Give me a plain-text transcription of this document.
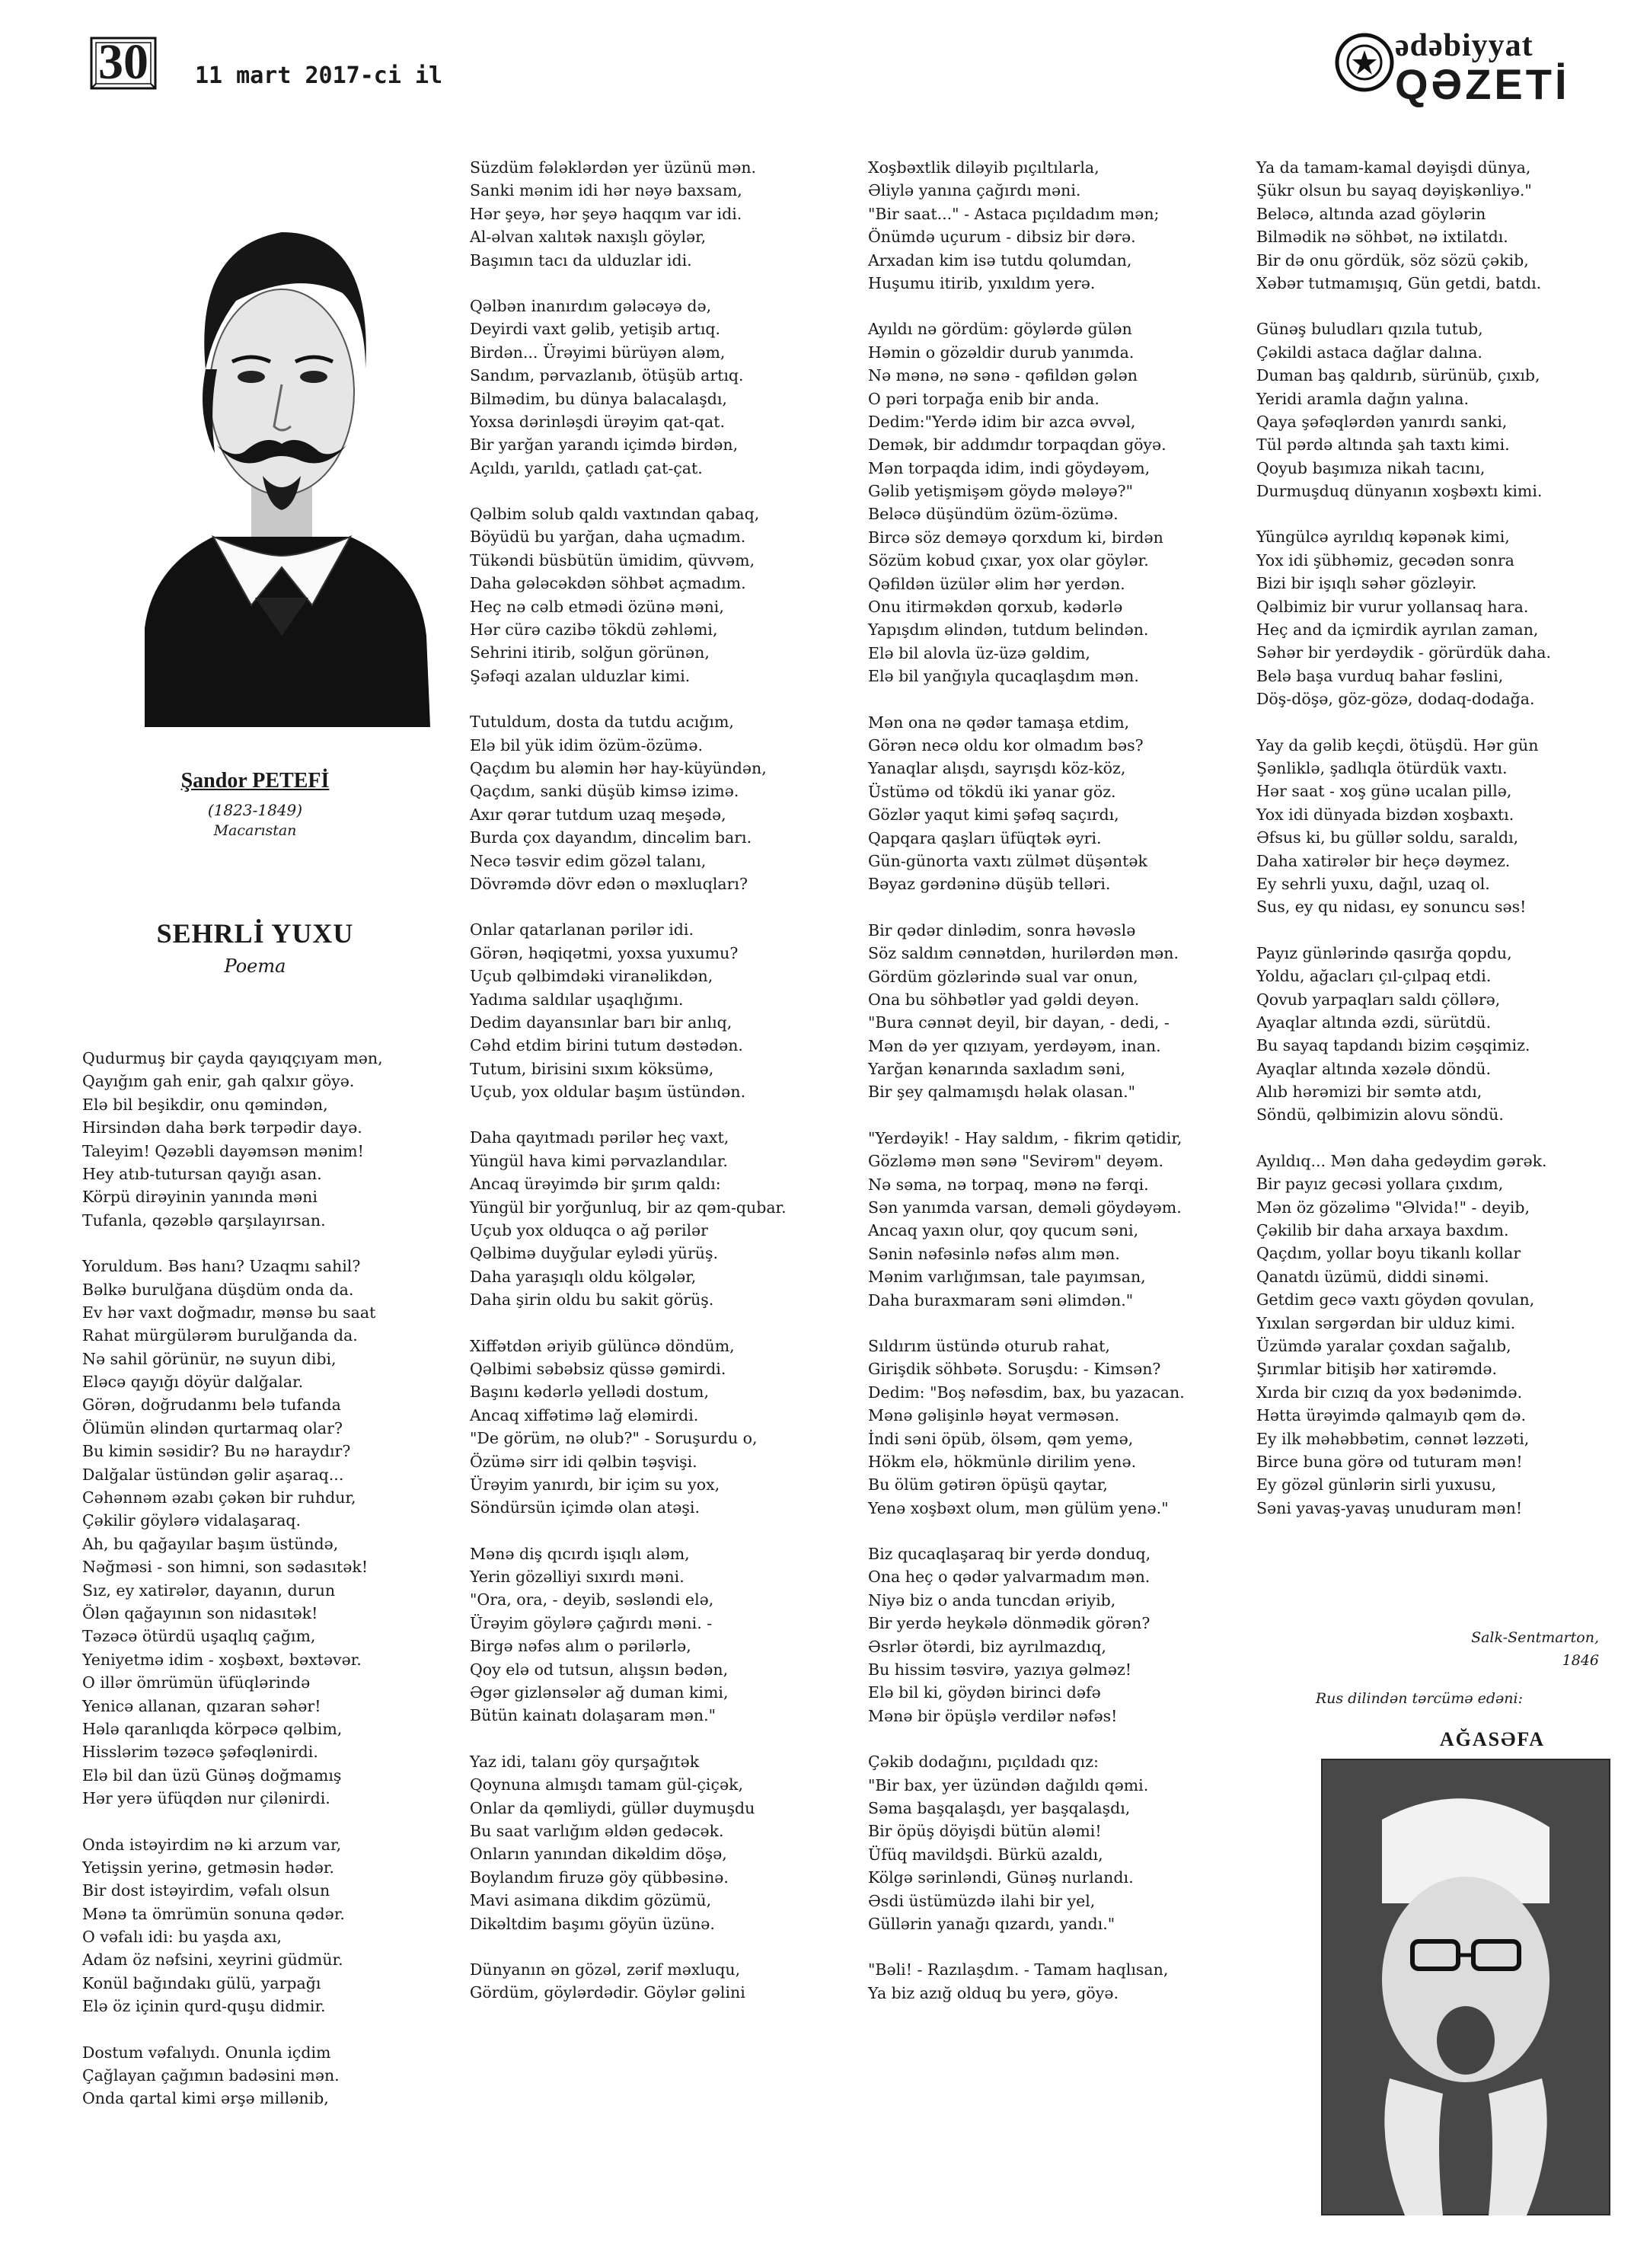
30 11 mart 2017-ci il
ədəbiyyat
QƏZETİ
Şandor PETEFİ
(1823-1849)
Macarıstan
SEHRLİ YUXU
Poema
Qudurmuş bir çayda qayıqçıyam mən,
Qayığım gah enir, gah qalxır göyə.
Elə bil beşikdir, onu qəmindən,
Hirsindən daha bərk tərpədir dayə.
Taleyim! Qəzəbli dayəmsən mənim!
Hey atıb-tutursan qayığı asan.
Körpü dirəyinin yanında məni
Tufanla, qəzəblə qarşılayırsan.
Yoruldum. Bəs hanı? Uzaqmı sahil?
Bəlkə burulğana düşdüm onda da.
Ev hər vaxt doğmadır, mənsə bu saat
Rahat mürgülərəm burulğanda da.
Nə sahil görünür, nə suyun dibi,
Eləcə qayığı döyür dalğalar.
Görən, doğrudanmı belə tufanda
Ölümün əlindən qurtarmaq olar?
Bu kimin səsidir? Bu nə haraydır?
Dalğalar üstündən gəlir aşaraq...
Cəhənnəm əzabı çəkən bir ruhdur,
Çəkilir göylərə vidalaşaraq.
Ah, bu qağayılar başım üstündə,
Nəğməsi - son himni, son sədasıtək!
Sız, ey xatirələr, dayanın, durun
Ölən qağayının son nidasıtək!
Təzəcə ötürdü uşaqlıq çağım,
Yeniyetmə idim - xoşbəxt, bəxtəvər.
O illər ömrümün üfüqlərində
Yenicə allanan, qızaran səhər!
Hələ qaranlıqda körpəcə qəlbim,
Hisslərim təzəcə şəfəqlənirdi.
Elə bil dan üzü Günəş doğmamış
Hər yerə üfüqdən nur çilənirdi.
Onda istəyirdim nə ki arzum var,
Yetişsin yerinə, getməsin hədər.
Bir dost istəyirdim, vəfalı olsun
Mənə ta ömrümün sonuna qədər.
O vəfalı idi: bu yaşda axı,
Adam öz nəfsini, xeyrini güdmür.
Konül bağındakı gülü, yarpağı
Elə öz içinin qurd-quşu didmir.
Dostum vəfalıydı. Onunla içdim
Çağlayan çağımın badəsini mən.
Onda qartal kimi ərşə millənib,
Süzdüm fələklərdən yer üzünü mən.
Sanki mənim idi hər nəyə baxsam,
Hər şeyə, hər şeyə haqqım var idi.
Al-əlvan xalıtək naxışlı göylər,
Başımın tacı da ulduzlar idi.
Qəlbən inanırdım gələcəyə də,
Deyirdi vaxt gəlib, yetişib artıq.
Birdən... Ürəyimi bürüyən aləm,
Sandım, pərvazlanıb, ötüşüb artıq.
Bilmədim, bu dünya balacalaşdı,
Yoxsa dərinləşdi ürəyim qat-qat.
Bir yarğan yarandı içimdə birdən,
Açıldı, yarıldı, çatladı çat-çat.
Qəlbim solub qaldı vaxtından qabaq,
Böyüdü bu yarğan, daha uçmadım.
Tükəndi büsbütün ümidim, qüvvəm,
Daha gələcəkdən söhbət açmadım.
Heç nə cəlb etmədi özünə məni,
Hər cürə cazibə tökdü zəhləmi,
Sehrini itirib, solğun görünən,
Şəfəqi azalan ulduzlar kimi.
Tutuldum, dosta da tutdu acığım,
Elə bil yük idim özüm-özümə.
Qaçdım bu aləmin hər hay-küyündən,
Qaçdım, sanki düşüb kimsə izimə.
Axır qərar tutdum uzaq meşədə,
Burda çox dayandım, dincəlim barı.
Necə təsvir edim gözəl talanı,
Dövrəmdə dövr edən o məxluqları?
Onlar qatarlanan pərilər idi.
Görən, həqiqətmi, yoxsa yuxumu?
Uçub qəlbimdəki viranəlikdən,
Yadıma saldılar uşaqlığımı.
Dedim dayansınlar barı bir anlıq,
Cəhd etdim birini tutum dəstədən.
Tutum, birisini sıxım köksümə,
Uçub, yox oldular başım üstündən.
Daha qayıtmadı pərilər heç vaxt,
Yüngül hava kimi pərvazlandılar.
Ancaq ürəyimdə bir şırım qaldı:
Yüngül bir yorğunluq, bir az qəm-qubar.
Uçub yox olduqca o ağ pərilər
Qəlbimə duyğular eylədi yürüş.
Daha yaraşıqlı oldu kölgələr,
Daha şirin oldu bu sakit görüş.
Xiffətdən əriyib gülüncə döndüm,
Qəlbimi səbəbsiz qüssə gəmirdi.
Başını kədərlə yellədi dostum,
Ancaq xiffətimə lağ eləmirdi.
"De görüm, nə olub?" - Soruşurdu o,
Özümə sirr idi qəlbin təşvişi.
Ürəyim yanırdı, bir içim su yox,
Söndürsün içimdə olan atəşi.
Mənə diş qıcırdı işıqlı aləm,
Yerin gözəlliyi sıxırdı məni.
"Ora, ora, - deyib, səsləndi elə,
Ürəyim göylərə çağırdı məni. -
Birgə nəfəs alım o pərilərlə,
Qoy elə od tutsun, alışsın bədən,
Əgər gizlənsələr ağ duman kimi,
Bütün kainatı dolaşaram mən."
Yaz idi, talanı göy qurşağıtək
Qoynuna almışdı tamam gül-çiçək,
Onlar da qəmliydi, güllər duymuşdu
Bu saat varlığım əldən gedəcək.
Onların yanından dikəldim döşə,
Boylandım firuzə göy qübbəsinə.
Mavi asimana dikdim gözümü,
Dikəltdim başımı göyün üzünə.
Dünyanın ən gözəl, zərif məxluqu,
Gördüm, göylərdədir. Göylər gəlini
Xoşbəxtlik diləyib pıçıltılarla,
Əliylə yanına çağırdı məni.
"Bir saat..." - Astaca pıçıldadım mən;
Önümdə uçurum - dibsiz bir dərə.
Arxadan kim isə tutdu qolumdan,
Huşumu itirib, yıxıldım yerə.
Ayıldı nə gördüm: göylərdə gülən
Həmin o gözəldir durub yanımda.
Nə mənə, nə sənə - qəfildən gələn
O pəri torpağa enib bir anda.
Dedim:"Yerdə idim bir azca əvvəl,
Demək, bir addımdır torpaqdan göyə.
Mən torpaqda idim, indi göydəyəm,
Gəlib yetişmişəm göydə mələyə?"
Beləcə düşündüm özüm-özümə.
Bircə söz deməyə qorxdum ki, birdən
Sözüm kobud çıxar, yox olar göylər.
Qəfildən üzülər əlim hər yerdən.
Onu itirməkdən qorxub, kədərlə
Yapışdım əlindən, tutdum belindən.
Elə bil alovla üz-üzə gəldim,
Elə bil yanğıyla qucaqlaşdım mən.
Mən ona nə qədər tamaşa etdim,
Görən necə oldu kor olmadım bəs?
Yanaqlar alışdı, sayrışdı köz-köz,
Üstümə od tökdü iki yanar göz.
Gözlər yaqut kimi şəfəq saçırdı,
Qapqara qaşları üfüqtək əyri.
Gün-günorta vaxtı zülmət düşəntək
Bəyaz gərdəninə düşüb telləri.
Bir qədər dinlədim, sonra həvəslə
Söz saldım cənnətdən, hurilərdən mən.
Gördüm gözlərində sual var onun,
Ona bu söhbətlər yad gəldi deyən.
"Bura cənnət deyil, bir dayan, - dedi, -
Mən də yer qızıyam, yerdəyəm, inan.
Yarğan kənarında saxladım səni,
Bir şey qalmamışdı həlak olasan."
"Yerdəyik! - Hay saldım, - fikrim qətidir,
Gözləmə mən sənə "Sevirəm" deyəm.
Nə səma, nə torpaq, mənə nə fərqi.
Sən yanımda varsan, deməli göydəyəm.
Ancaq yaxın olur, qoy qucum səni,
Sənin nəfəsinlə nəfəs alım mən.
Mənim varlığımsan, tale payımsan,
Daha buraxmaram səni əlimdən."
Sıldırım üstündə oturub rahat,
Girişdik söhbətə. Soruşdu: - Kimsən?
Dedim: "Boş nəfəsdim, bax, bu yazacan.
Mənə gəlişinlə həyat verməsən.
İndi səni öpüb, ölsəm, qəm yemə,
Hökm elə, hökmünlə dirilim yenə.
Bu ölüm gətirən öpüşü qaytar,
Yenə xoşbəxt olum, mən gülüm yenə."
Biz qucaqlaşaraq bir yerdə donduq,
Ona heç o qədər yalvarmadım mən.
Niyə biz o anda tuncdan əriyib,
Bir yerdə heykələ dönmədik görən?
Əsrlər ötərdi, biz ayrılmazdıq,
Bu hissim təsvirə, yazıya gəlməz!
Elə bil ki, göydən birinci dəfə
Mənə bir öpüşlə verdilər nəfəs!
Çəkib dodağını, pıçıldadı qız:
"Bir bax, yer üzündən dağıldı qəmi.
Səma başqalaşdı, yer başqalaşdı,
Bir öpüş döyişdi bütün aləmi!
Üfüq mavildşdi. Bürkü azaldı,
Kölgə sərinləndi, Günəş nurlandı.
Əsdi üstümüzdə ilahi bir yel,
Güllərin yanağı qızardı, yandı."
"Bəli! - Razılaşdım. - Tamam haqlısan,
Ya biz azığ olduq bu yerə, göyə.
Ya da tamam-kamal dəyişdi dünya,
Şükr olsun bu sayaq dəyişkənliyə."
Beləcə, altında azad göylərin
Bilmədik nə söhbət, nə ixtilatdı.
Bir də onu gördük, söz sözü çəkib,
Xəbər tutmamışıq, Gün getdi, batdı.
Günəş buludları qızıla tutub,
Çəkildi astaca dağlar dalına.
Duman baş qaldırıb, sürünüb, çıxıb,
Yeridi aramla dağın yalına.
Qaya şəfəqlərdən yanırdı sanki,
Tül pərdə altında şah taxtı kimi.
Qoyub başımıza nikah tacını,
Durmuşduq dünyanın xoşbəxtı kimi.
Yüngülcə ayrıldıq kəpənək kimi,
Yox idi şübhəmiz, gecədən sonra
Bizi bir işıqlı səhər gözləyir.
Qəlbimiz bir vurur yollansaq hara.
Heç and da içmirdik ayrılan zaman,
Səhər bir yerdəydik - görürdük daha.
Belə başa vurduq bahar fəslini,
Döş-döşə, göz-gözə, dodaq-dodağa.
Yay da gəlib keçdi, ötüşdü. Hər gün
Şənliklə, şadlıqla ötürdük vaxtı.
Hər saat - xoş günə ucalan pillə,
Yox idi dünyada bizdən xoşbaxtı.
Əfsus ki, bu güllər soldu, saraldı,
Daha xatirələr bir heçə dəymez.
Ey sehrli yuxu, dağıl, uzaq ol.
Sus, ey qu nidası, ey sonuncu səs!
Payız günlərində qasırğa qopdu,
Yoldu, ağacları çıl-çılpaq etdi.
Qovub yarpaqları saldı çöllərə,
Ayaqlar altında əzdi, sürütdü.
Bu sayaq tapdandı bizim cəşqimiz.
Ayaqlar altında xəzələ döndü.
Alıb hərəmizi bir səmtə atdı,
Söndü, qəlbimizin alovu söndü.
Ayıldıq... Mən daha gedəydim gərək.
Bir payız gecəsi yollara çıxdım,
Mən öz gözəlimə "Əlvida!" - deyib,
Çəkilib bir daha arxaya baxdım.
Qaçdım, yollar boyu tikanlı kollar
Qanatdı üzümü, diddi sinəmi.
Getdim gecə vaxtı göydən qovulan,
Yıxılan sərgərdan bir ulduz kimi.
Üzümdə yaralar çoxdan sağalıb,
Şırımlar bitişib hər xatirəmdə.
Xırda bir cızıq da yox bədənimdə.
Hətta ürəyimdə qalmayıb qəm də.
Ey ilk məhəbbətim, cənnət ləzzəti,
Birce buna görə od tuturam mən!
Ey gözəl günlərin sirli yuxusu,
Səni yavaş-yavaş unuduram mən!
Salk-Sentmarton,
1846
Rus dilindən tərcümə edəni:
AĞASƏFA
